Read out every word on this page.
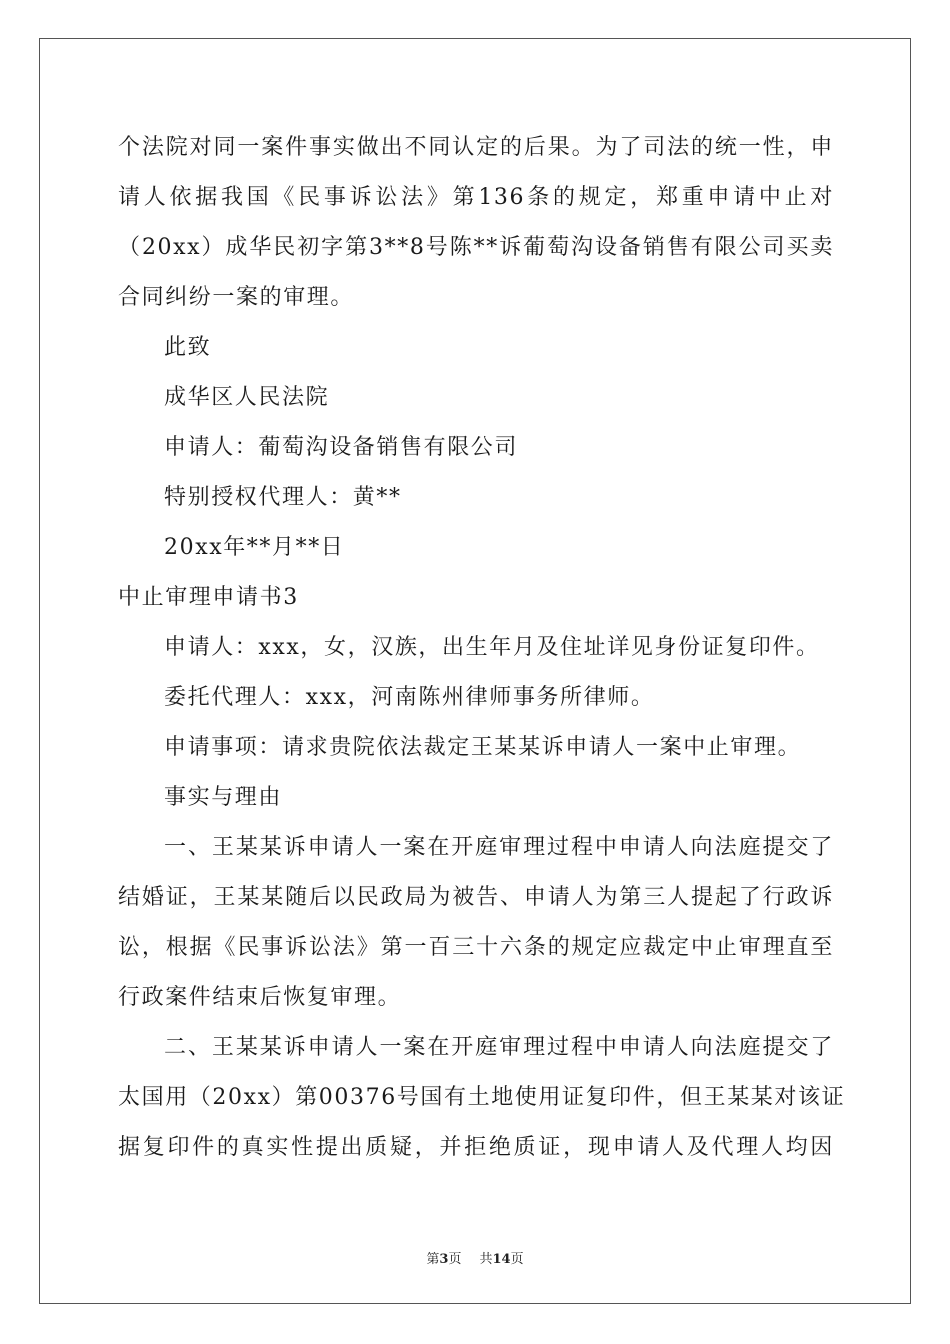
个法院对同一案件事实做出不同认定的后果。为了司法的统一性，申
请人依据我国《民事诉讼法》第136条的规定，郑重申请中止对
（20xx）成华民初字第3**8号陈**诉葡萄沟设备销售有限公司买卖
合同纠纷一案的审理。
此致
成华区人民法院
申请人：葡萄沟设备销售有限公司
特别授权代理人：黄**
20xx年**月**日
中止审理申请书3
申请人：xxx，女，汉族，出生年月及住址详见身份证复印件。
委托代理人：xxx，河南陈州律师事务所律师。
申请事项：请求贵院依法裁定王某某诉申请人一案中止审理。
事实与理由
一、王某某诉申请人一案在开庭审理过程中申请人向法庭提交了
结婚证，王某某随后以民政局为被告、申请人为第三人提起了行政诉
讼，根据《民事诉讼法》第一百三十六条的规定应裁定中止审理直至
行政案件结束后恢复审理。
二、王某某诉申请人一案在开庭审理过程中申请人向法庭提交了
太国用（20xx）第00376号国有土地使用证复印件，但王某某对该证
据复印件的真实性提出质疑，并拒绝质证，现申请人及代理人均因
第3页 共14页
